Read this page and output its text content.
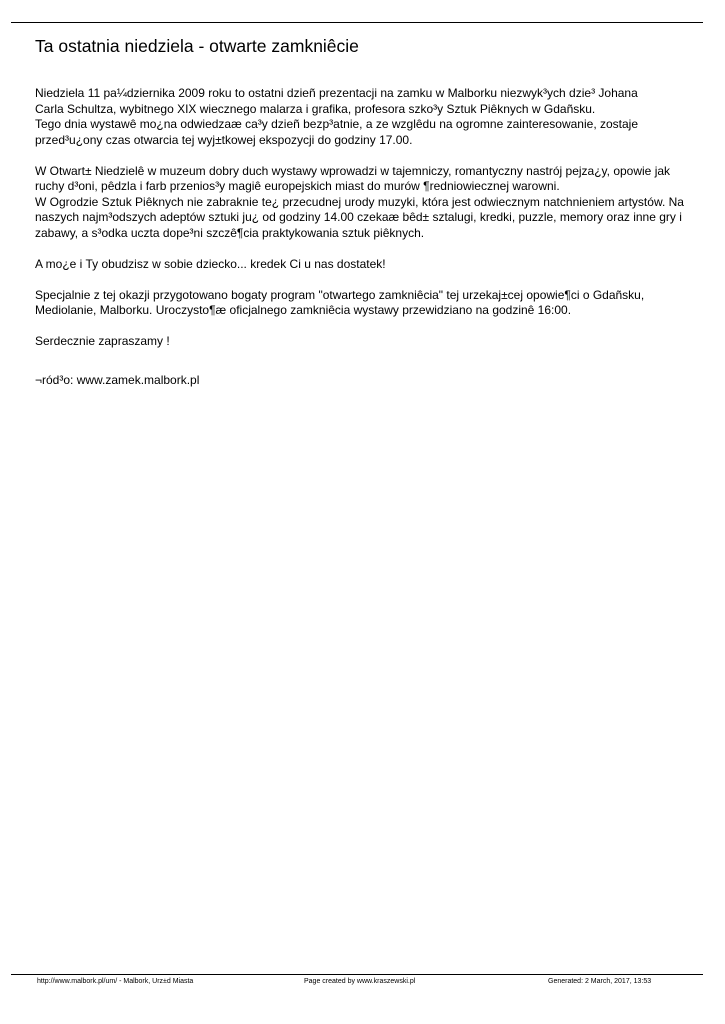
Ta ostatnia niedziela - otwarte zamkniêcie
Niedziela 11 pa¼dziernika 2009 roku to ostatni dzieñ prezentacji na zamku w Malborku niezwyk³ych dzie³ Johana
Carla Schultza, wybitnego XIX wiecznego malarza i grafika, profesora szko³y Sztuk Piêknych w Gdañsku.
Tego dnia wystawê mo¿na odwiedzaæ ca³y dzieñ bezp³atnie, a ze wzglêdu na ogromne zainteresowanie, zostaje
przed³u¿ony czas otwarcia tej wyj±tkowej ekspozycji do godziny 17.00.
W Otwart± Niedzielê w muzeum dobry duch wystawy wprowadzi w tajemniczy, romantyczny nastrój pejza¿y, opowie jak
ruchy d³oni, pêdzla i farb przenios³y magiê europejskich miast do murów ¶redniowiecznej warowni.
W Ogrodzie Sztuk Piêknych nie zabraknie te¿ przecudnej urody muzyki, która jest odwiecznym natchnieniem artystów. Na
naszych najm³odszych adeptów sztuki ju¿ od godziny 14.00 czekaæ bêd± sztalugi, kredki, puzzle, memory oraz inne gry i
zabawy, a s³odka uczta dope³ni szczê¶cia praktykowania sztuk piêknych.
A mo¿e i Ty obudzisz w sobie dziecko... kredek Ci u nas dostatek!
Specjalnie z tej okazji przygotowano bogaty program "otwartego zamkniêcia" tej urzekaj±cej opowie¶ci o Gdañsku,
Mediolanie, Malborku. Uroczysto¶æ oficjalnego zamkniêcia wystawy przewidziano na godzinê 16:00.
Serdecznie zapraszamy !
¬ród³o: www.zamek.malbork.pl
http://www.malbork.pl/um/ - Malbork, Urz±d Miasta	Page created by www.kraszewski.pl	Generated: 2 March, 2017, 13:53
